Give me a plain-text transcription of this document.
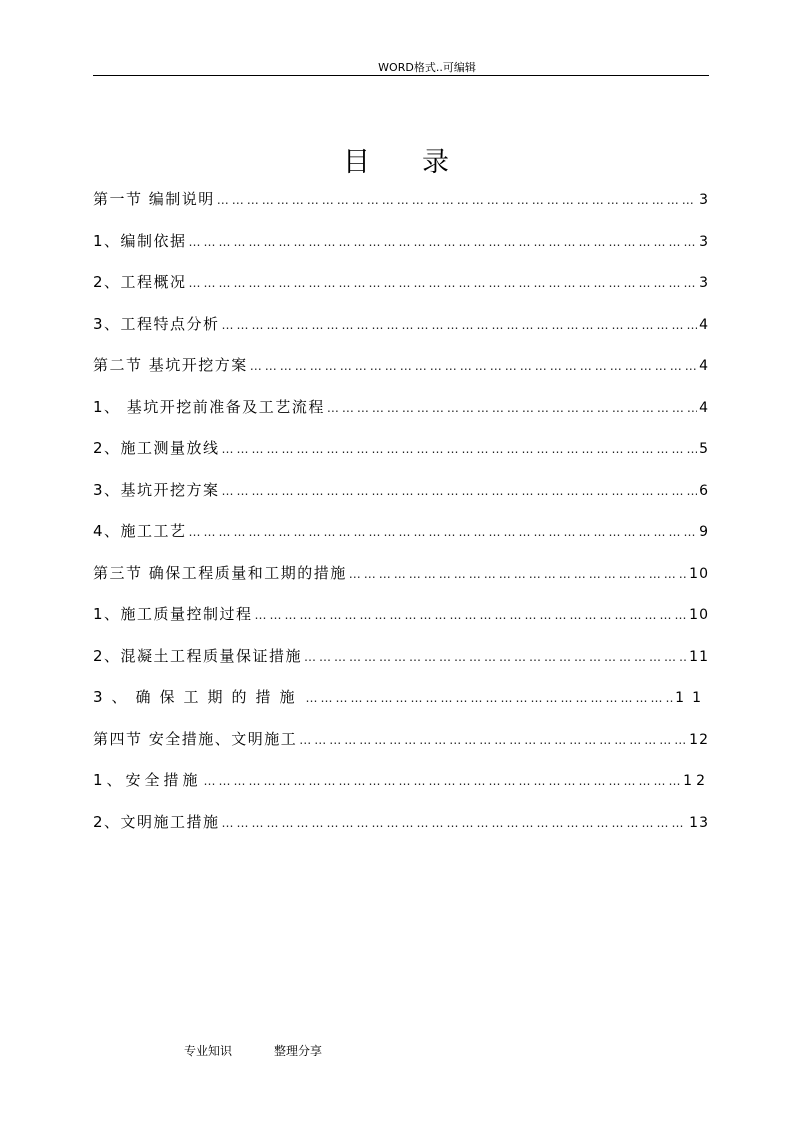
WORD格式..可编辑
目 录
第一节 编制说明 ……………………………………………………………………………………………………………………………………………………………………………	3
1、编制依据 ……………………………………………………………………………………………………………………………………………………………………………	3
2、工程概况 ……………………………………………………………………………………………………………………………………………………………………………	3
3、工程特点分析 ……………………………………………………………………………………………………………………………………………………………………………	4
第二节 基坑开挖方案 ……………………………………………………………………………………………………………………………………………………………………………	4
1、 基坑开挖前准备及工艺流程 ……………………………………………………………………………………………………………………………………………………………………………	4
2、施工测量放线 ……………………………………………………………………………………………………………………………………………………………………………	5
3、基坑开挖方案 ……………………………………………………………………………………………………………………………………………………………………………	6
4、施工工艺 ……………………………………………………………………………………………………………………………………………………………………………	9
第三节 确保工程质量和工期的措施 ……………………………………………………………………………………………………………………………………………………………………………	10
1、施工质量控制过程 ……………………………………………………………………………………………………………………………………………………………………………	10
2、混凝土工程质量保证措施 ……………………………………………………………………………………………………………………………………………………………………………	11
3、确保工期的措施 ……………………………………………………………………………………………………………………………………………………………………………	11
第四节 安全措施、文明施工 ……………………………………………………………………………………………………………………………………………………………………………	12
1、安全措施 ……………………………………………………………………………………………………………………………………………………………………………	12
2、文明施工措施 ……………………………………………………………………………………………………………………………………………………………………………	13
专业知识	整理分享
